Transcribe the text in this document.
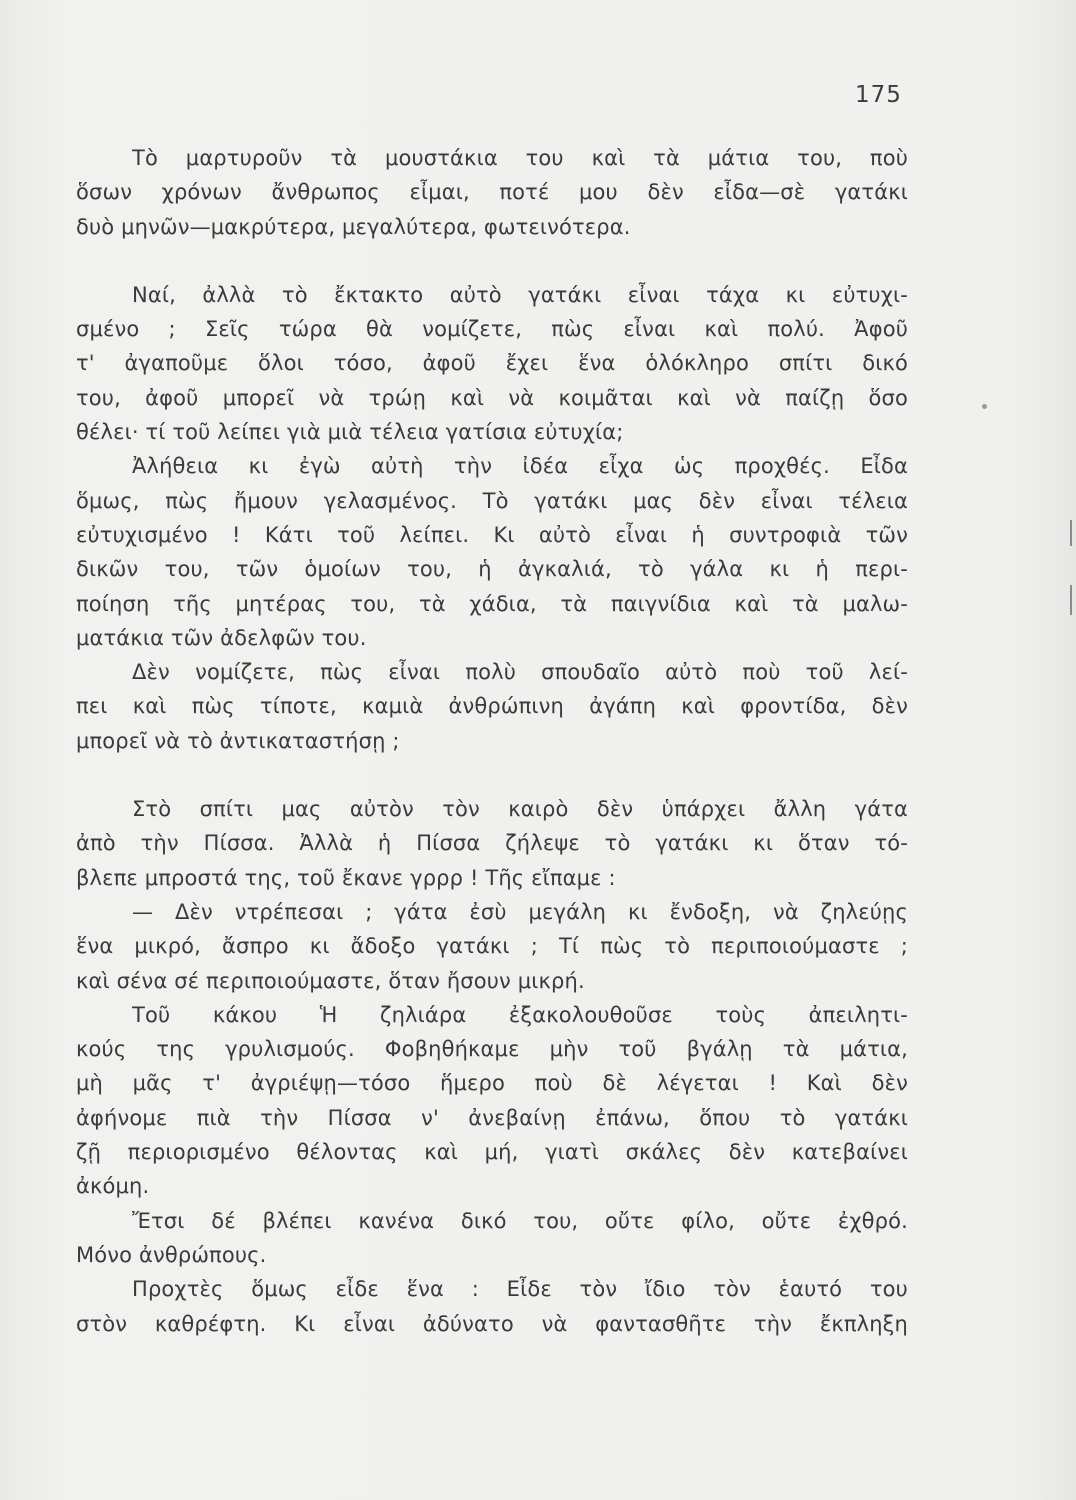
175
Τὸ μαρτυροῦν τὰ μουστάκια του καὶ τὰ μάτια του, ποὺ
ὅσων χρόνων ἄνθρωπος εἶμαι, ποτέ μου δὲν εἶδα—σὲ γατάκι
δυὸ μηνῶν—μακρύτερα, μεγαλύτερα, φωτεινότερα.
Ναί, ἀλλὰ τὸ ἔκτακτο αὐτὸ γατάκι εἶναι τάχα κι εὐτυχι-
σμένο ; Σεῖς τώρα θὰ νομίζετε, πὼς εἶναι καὶ πολύ. Ἀφοῦ
τ' ἀγαποῦμε ὅλοι τόσο, ἀφοῦ ἔχει ἕνα ὁλόκληρο σπίτι δικό
του, ἀφοῦ μπορεῖ νὰ τρώῃ καὶ νὰ κοιμᾶται καὶ νὰ παίζῃ ὅσο
θέλει· τί τοῦ λείπει γιὰ μιὰ τέλεια γατίσια εὐτυχία;
Ἀλήθεια κι ἐγὼ αὐτὴ τὴν ἰδέα εἶχα ὡς προχθές. Εἶδα
ὅμως, πὼς ἤμουν γελασμένος. Τὸ γατάκι μας δὲν εἶναι τέλεια
εὐτυχισμένο ! Κάτι τοῦ λείπει. Κι αὐτὸ εἶναι ἡ συντροφιὰ τῶν
δικῶν του, τῶν ὁμοίων του, ἡ ἀγκαλιά, τὸ γάλα κι ἡ περι-
ποίηση τῆς μητέρας του, τὰ χάδια, τὰ παιγνίδια καὶ τὰ μαλω-
ματάκια τῶν ἀδελφῶν του.
Δὲν νομίζετε, πὼς εἶναι πολὺ σπουδαῖο αὐτὸ ποὺ τοῦ λεί-
πει καὶ πὼς τίποτε, καμιὰ ἀνθρώπινη ἀγάπη καὶ φροντίδα, δὲν
μπορεῖ νὰ τὸ ἀντικαταστήσῃ ;
Στὸ σπίτι μας αὐτὸν τὸν καιρὸ δὲν ὑπάρχει ἄλλη γάτα
ἀπὸ τὴν Πίσσα. Ἀλλὰ ἡ Πίσσα ζήλεψε τὸ γατάκι κι ὅταν τό-
βλεπε μπροστά της, τοῦ ἔκανε γρρρ ! Τῆς εἴπαμε :
— Δὲν ντρέπεσαι ; γάτα ἐσὺ μεγάλη κι ἔνδοξη, νὰ ζηλεύῃς
ἕνα μικρό, ἄσπρο κι ἄδοξο γατάκι ; Τί πὼς τὸ περιποιούμαστε ;
καὶ σένα σέ περιποιούμαστε, ὅταν ἤσουν μικρή.
Τοῦ κάκου Ἡ ζηλιάρα ἐξακολουθοῦσε τοὺς ἀπειλητι-
κούς της γρυλισμούς. Φοβηθήκαμε μὴν τοῦ βγάλῃ τὰ μάτια,
μὴ μᾶς τ' ἀγριέψῃ—τόσο ἥμερο ποὺ δὲ λέγεται ! Καὶ δὲν
ἀφήνομε πιὰ τὴν Πίσσα ν' ἀνεβαίνῃ ἐπάνω, ὅπου τὸ γατάκι
ζῇ περιορισμένο θέλοντας καὶ μή, γιατὶ σκάλες δὲν κατεβαίνει
ἀκόμη.
Ἔτσι δέ βλέπει κανένα δικό του, οὔτε φίλο, οὔτε ἐχθρό.
Μόνο ἀνθρώπους.
Προχτὲς ὅμως εἶδε ἕνα : Εἶδε τὸν ἴδιο τὸν ἑαυτό του
στὸν καθρέφτη. Κι εἶναι ἀδύνατο νὰ φαντασθῆτε τὴν ἔκπληξη
